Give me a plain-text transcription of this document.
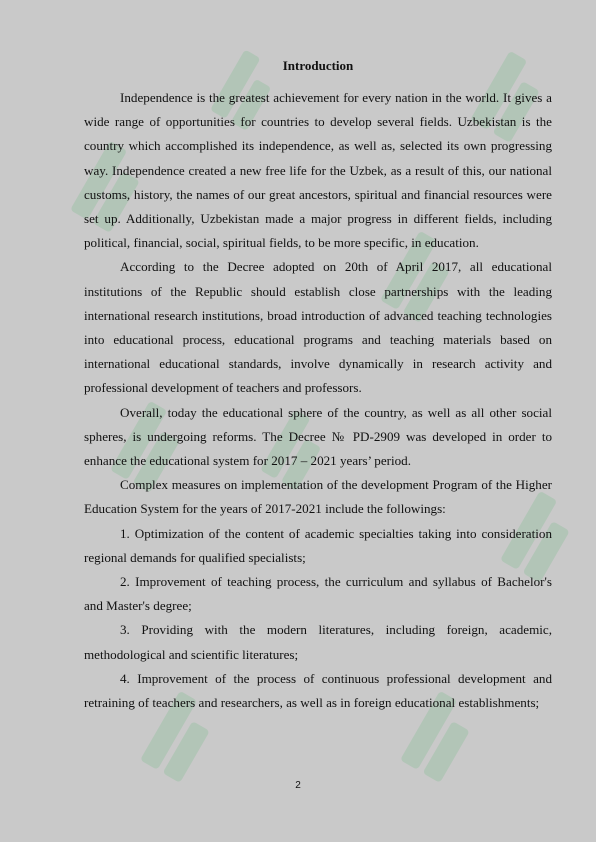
Introduction

Independence is the greatest achievement for every nation in the world. It gives a wide range of opportunities for countries to develop several fields. Uzbekistan is the country which accomplished its independence, as well as, selected its own progressing way. Independence created a new free life for the Uzbek, as a result of this, our national customs, history, the names of our great ancestors, spiritual and financial resources were set up. Additionally, Uzbekistan made a major progress in different fields, including political, financial, social, spiritual fields, to be more specific, in education.

According to the Decree adopted on 20th of April 2017, all educational institutions of the Republic should establish close partnerships with the leading international research institutions, broad introduction of advanced teaching technologies into educational process, educational programs and teaching materials based on international educational standards, involve dynamically in research activity and professional development of teachers and professors.

Overall, today the educational sphere of the country, as well as all other social spheres, is undergoing reforms. The Decree № PD-2909 was developed in order to enhance the educational system for 2017 – 2021 years’ period.

Complex measures on implementation of the development Program of the Higher Education System for the years of 2017-2021 include the followings:

1. Optimization of the content of academic specialties taking into consideration regional demands for qualified specialists;

2. Improvement of teaching process, the curriculum and syllabus of Bachelor's and Master's degree;

3. Providing with the modern literatures, including foreign, academic, methodological and scientific literatures;

4. Improvement of the process of continuous professional development and retraining of teachers and researchers, as well as in foreign educational establishments;

2
